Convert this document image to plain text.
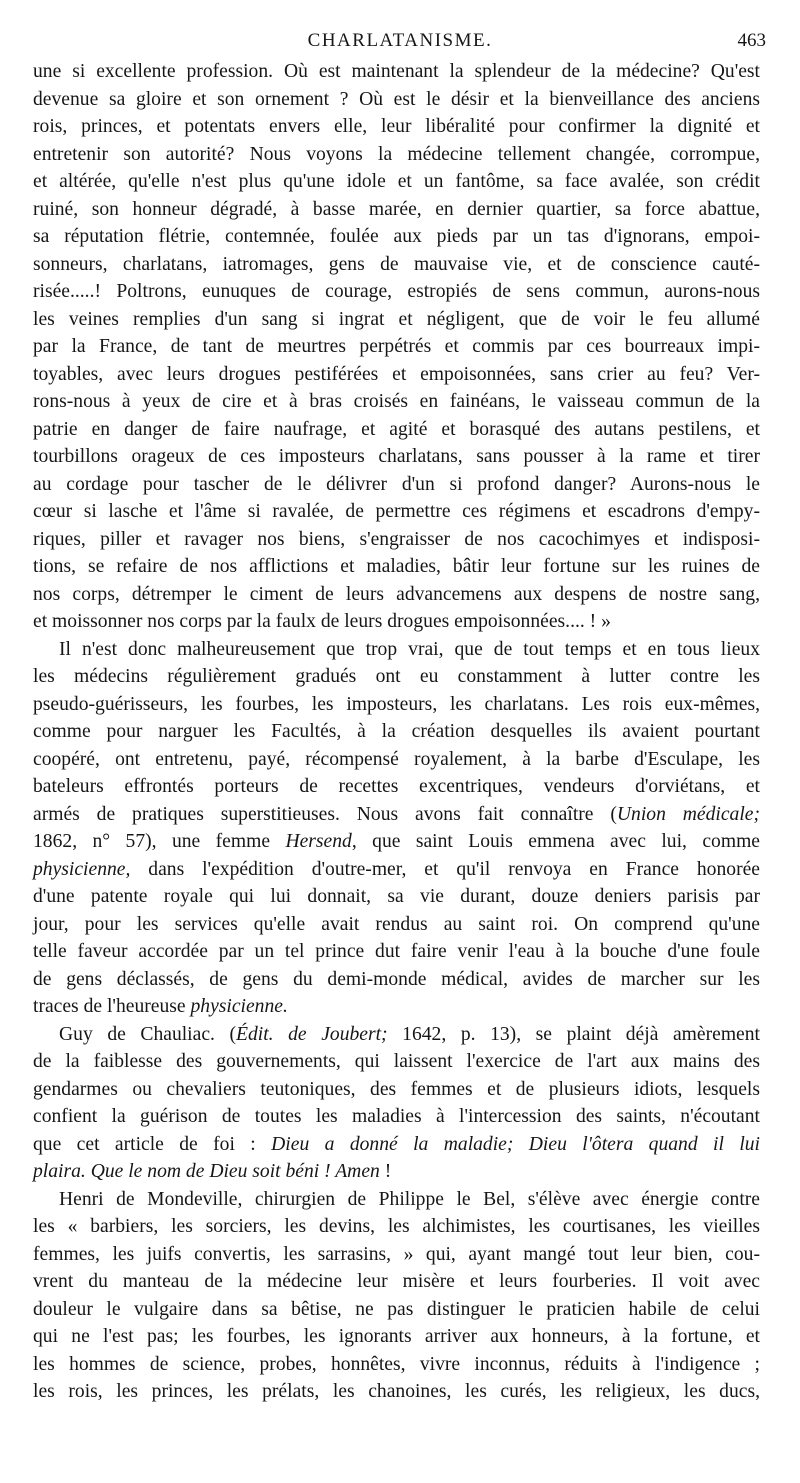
CHARLATANISME.	463
une si excellente profession. Où est maintenant la splendeur de la médecine? Qu'est
devenue sa gloire et son ornement ? Où est le désir et la bienveillance des anciens
rois, princes, et potentats envers elle, leur libéralité pour confirmer la dignité et
entretenir son autorité? Nous voyons la médecine tellement changée, corrompue,
et altérée, qu'elle n'est plus qu'une idole et un fantôme, sa face avalée, son crédit
ruiné, son honneur dégradé, à basse marée, en dernier quartier, sa force abattue,
sa réputation flétrie, contemnée, foulée aux pieds par un tas d'ignorans, empoi-
sonneurs, charlatans, iatromages, gens de mauvaise vie, et de conscience cauté-
risée.....! Poltrons, eunuques de courage, estropiés de sens commun, aurons-nous
les veines remplies d'un sang si ingrat et négligent, que de voir le feu allumé
par la France, de tant de meurtres perpétrés et commis par ces bourreaux impi-
toyables, avec leurs drogues pestiférées et empoisonnées, sans crier au feu? Ver-
rons-nous à yeux de cire et à bras croisés en fainéans, le vaisseau commun de la
patrie en danger de faire naufrage, et agité et borasqué des autans pestilens, et
tourbillons orageux de ces imposteurs charlatans, sans pousser à la rame et tirer
au cordage pour tascher de le délivrer d'un si profond danger? Aurons-nous le
cœur si lasche et l'âme si ravalée, de permettre ces régimens et escadrons d'empy-
riques, piller et ravager nos biens, s'engraisser de nos cacochimyes et indisposi-
tions, se refaire de nos afflictions et maladies, bâtir leur fortune sur les ruines de
nos corps, détremper le ciment de leurs advancemens aux despens de nostre sang,
et moissonner nos corps par la faulx de leurs drogues empoisonnées.... ! »
Il n'est donc malheureusement que trop vrai, que de tout temps et en tous lieux
les médecins régulièrement gradués ont eu constamment à lutter contre les
pseudo-guérisseurs, les fourbes, les imposteurs, les charlatans. Les rois eux-mêmes,
comme pour narguer les Facultés, à la création desquelles ils avaient pourtant
coopéré, ont entretenu, payé, récompensé royalement, à la barbe d'Esculape, les
bateleurs effrontés porteurs de recettes excentriques, vendeurs d'orviétans, et
armés de pratiques superstitieuses. Nous avons fait connaître (Union médicale;
1862, n° 57), une femme Hersend, que saint Louis emmena avec lui, comme
physicienne, dans l'expédition d'outre-mer, et qu'il renvoya en France honorée
d'une patente royale qui lui donnait, sa vie durant, douze deniers parisis par
jour, pour les services qu'elle avait rendus au saint roi. On comprend qu'une
telle faveur accordée par un tel prince dut faire venir l'eau à la bouche d'une foule
de gens déclassés, de gens du demi-monde médical, avides de marcher sur les
traces de l'heureuse physicienne.
Guy de Chauliac. (Édit. de Joubert; 1642, p. 13), se plaint déjà amèrement
de la faiblesse des gouvernements, qui laissent l'exercice de l'art aux mains des
gendarmes ou chevaliers teutoniques, des femmes et de plusieurs idiots, lesquels
confient la guérison de toutes les maladies à l'intercession des saints, n'écoutant
que cet article de foi : Dieu a donné la maladie; Dieu l'ôtera quand il lui
plaira. Que le nom de Dieu soit béni ! Amen !
Henri de Mondeville, chirurgien de Philippe le Bel, s'élève avec énergie contre
les « barbiers, les sorciers, les devins, les alchimistes, les courtisanes, les vieilles
femmes, les juifs convertis, les sarrasins, » qui, ayant mangé tout leur bien, cou-
vrent du manteau de la médecine leur misère et leurs fourberies. Il voit avec
douleur le vulgaire dans sa bêtise, ne pas distinguer le praticien habile de celui
qui ne l'est pas; les fourbes, les ignorants arriver aux honneurs, à la fortune, et
les hommes de science, probes, honnêtes, vivre inconnus, réduits à l'indigence ;
les rois, les princes, les prélats, les chanoines, les curés, les religieux, les ducs,
